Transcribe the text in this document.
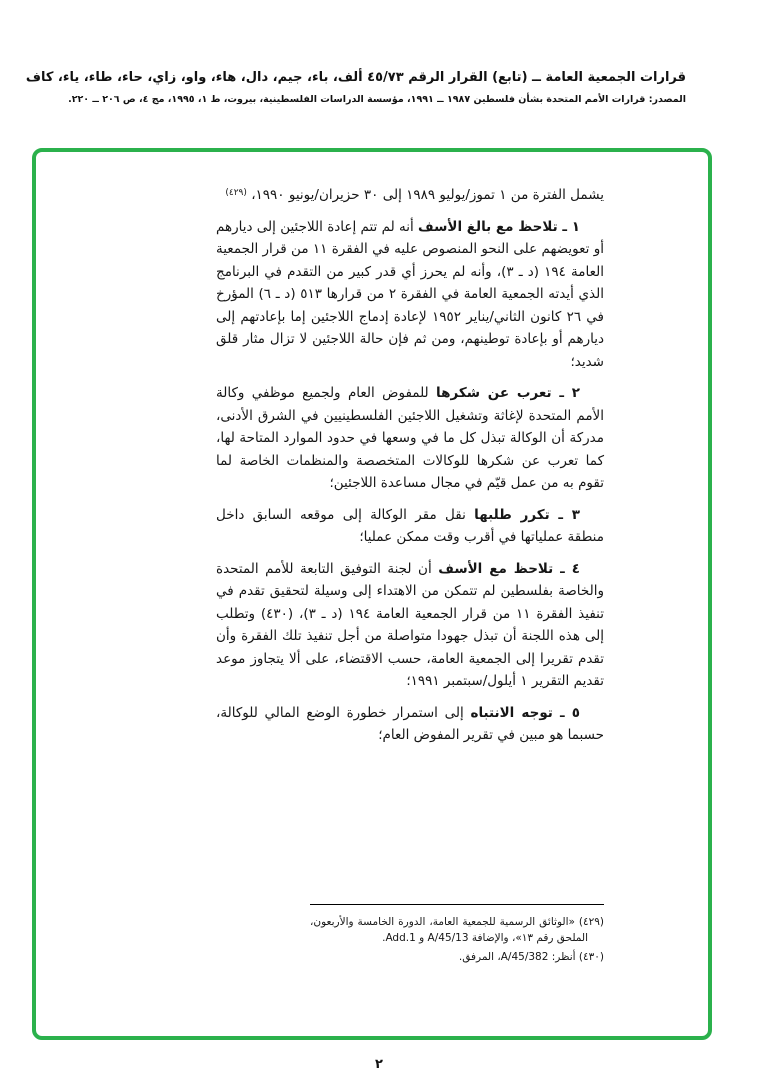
قرارات الجمعية العامة ــ (تابع) القرار الرقم ٤٥/٧٣ ألف، باء، جيم، دال، هاء، واو، زاي، حاء، طاء، ياء، كاف
المصدر: قرارات الأمم المتحدة بشأن فلسطين ١٩٨٧ ــ ١٩٩١، مؤسسة الدراسات الفلسطينية، بيروت، ط ١، ١٩٩٥، مج ٤، ص ٢٠٦ ــ ٢٢٠.

يشمل الفترة من ١ تموز/يوليو ١٩٨٩ إلى ٣٠ حزيران/يونيو ١٩٩٠، $^{(٤٢٩)}$

١ ـ تلاحظ مع بالغ الأسف أنه لم تتم إعادة اللاجئين إلى ديارهم أو تعويضهم على النحو المنصوص عليه في الفقرة ١١ من قرار الجمعية العامة ١٩٤ (د ـ ٣)، وأنه لم يحرز أي قدر كبير من التقدم في البرنامج الذي أيدته الجمعية العامة في الفقرة ٢ من قرارها ٥١٣ (د ـ ٦) المؤرخ في ٢٦ كانون الثاني/يناير ١٩٥٢ لإعادة إدماج اللاجئين إما بإعادتهم إلى ديارهم أو بإعادة توطينهم، ومن ثم فإن حالة اللاجئين لا تزال مثار قلق شديد؛

٢ ـ تعرب عن شكرها للمفوض العام ولجميع موظفي وكالة الأمم المتحدة لإغاثة وتشغيل اللاجئين الفلسطينيين في الشرق الأدنى، مدركة أن الوكالة تبذل كل ما في وسعها في حدود الموارد المتاحة لها، كما تعرب عن شكرها للوكالات المتخصصة والمنظمات الخاصة لما تقوم به من عمل قيّم في مجال مساعدة اللاجئين؛

٣ ـ تكرر طلبها نقل مقر الوكالة إلى موقعه السابق داخل منطقة عملياتها في أقرب وقت ممكن عمليا؛

٤ ـ تلاحظ مع الأسف أن لجنة التوفيق التابعة للأمم المتحدة والخاصة بفلسطين لم تتمكن من الاهتداء إلى وسيلة لتحقيق تقدم في تنفيذ الفقرة ١١ من قرار الجمعية العامة ١٩٤ (د ـ ٣)، (٤٣٠) وتطلب إلى هذه اللجنة أن تبذل جهودا متواصلة من أجل تنفيذ تلك الفقرة وأن تقدم تقريرا إلى الجمعية العامة، حسب الاقتضاء، على ألا يتجاوز موعد تقديم التقرير ١ أيلول/سبتمبر ١٩٩١؛

٥ ـ توجه الانتباه إلى استمرار خطورة الوضع المالي للوكالة، حسبما هو مبين في تقرير المفوض العام؛

(٤٢٩) «الوثائق الرسمية للجمعية العامة، الدورة الخامسة والأربعون، الملحق رقم ١٣»، والإضافة A/45/13 و Add.1.

(٤٣٠) أنظر: A/45/382، المرفق.

٢
